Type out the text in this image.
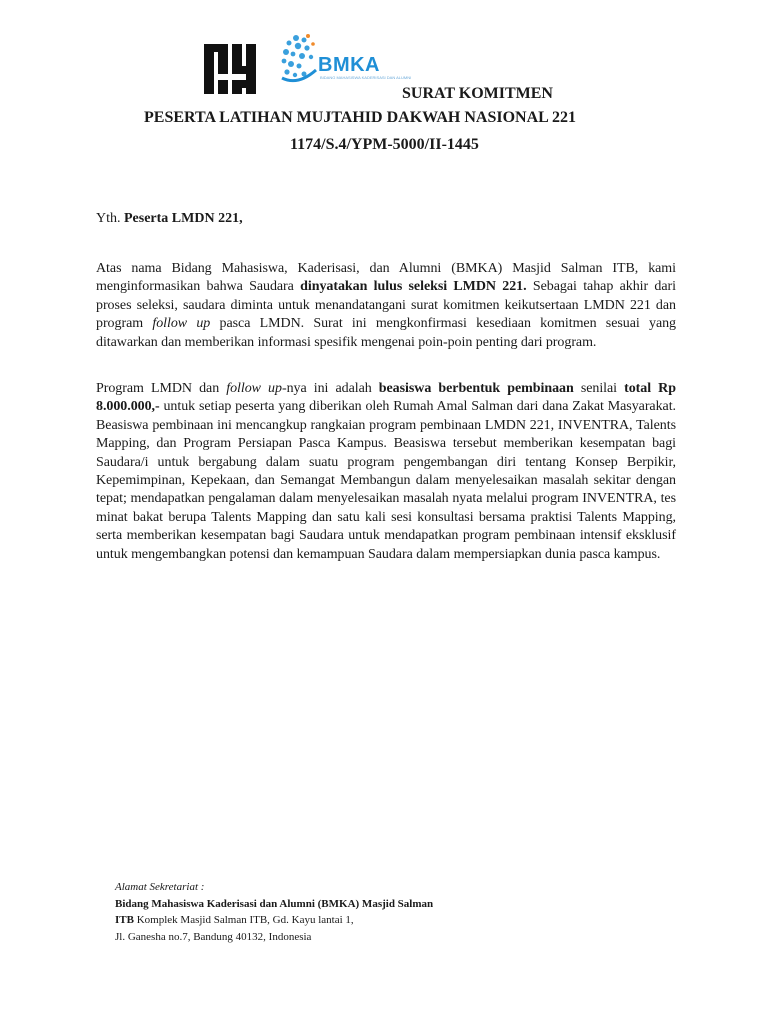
BMKA
BIDANG MAHASISWA KADERISASI DAN ALUMNI
SURAT KOMITMEN
PESERTA LATIHAN MUJTAHID DAKWAH NASIONAL 221
1174/S.4/YPM-5000/II-1445
Yth. Peserta LMDN 221,
Atas nama Bidang Mahasiswa, Kaderisasi, dan Alumni (BMKA) Masjid Salman ITB, kami menginformasikan bahwa Saudara dinyatakan lulus seleksi LMDN 221. Sebagai tahap akhir dari proses seleksi, saudara diminta untuk menandatangani surat komitmen keikutsertaan LMDN 221 dan program follow up pasca LMDN. Surat ini mengkonfirmasi kesediaan komitmen sesuai yang ditawarkan dan memberikan informasi spesifik mengenai poin-poin penting dari program.
Program LMDN dan follow up-nya ini adalah beasiswa berbentuk pembinaan senilai total Rp 8.000.000,- untuk setiap peserta yang diberikan oleh Rumah Amal Salman dari dana Zakat Masyarakat. Beasiswa pembinaan ini mencangkup rangkaian program pembinaan LMDN 221, INVENTRA, Talents Mapping, dan Program Persiapan Pasca Kampus. Beasiswa tersebut memberikan kesempatan bagi Saudara/i untuk bergabung dalam suatu program pengembangan diri tentang Konsep Berpikir, Kepemimpinan, Kepekaan, dan Semangat Membangun dalam menyelesaikan masalah sekitar dengan tepat; mendapatkan pengalaman dalam menyelesaikan masalah nyata melalui program INVENTRA, tes minat bakat berupa Talents Mapping dan satu kali sesi konsultasi bersama praktisi Talents Mapping, serta memberikan kesempatan bagi Saudara untuk mendapatkan program pembinaan intensif eksklusif untuk mengembangkan potensi dan kemampuan Saudara dalam mempersiapkan dunia pasca kampus.
Alamat Sekretariat :
Bidang Mahasiswa Kaderisasi dan Alumni (BMKA) Masjid Salman
ITB Komplek Masjid Salman ITB, Gd. Kayu lantai 1,
Jl. Ganesha no.7, Bandung 40132, Indonesia
